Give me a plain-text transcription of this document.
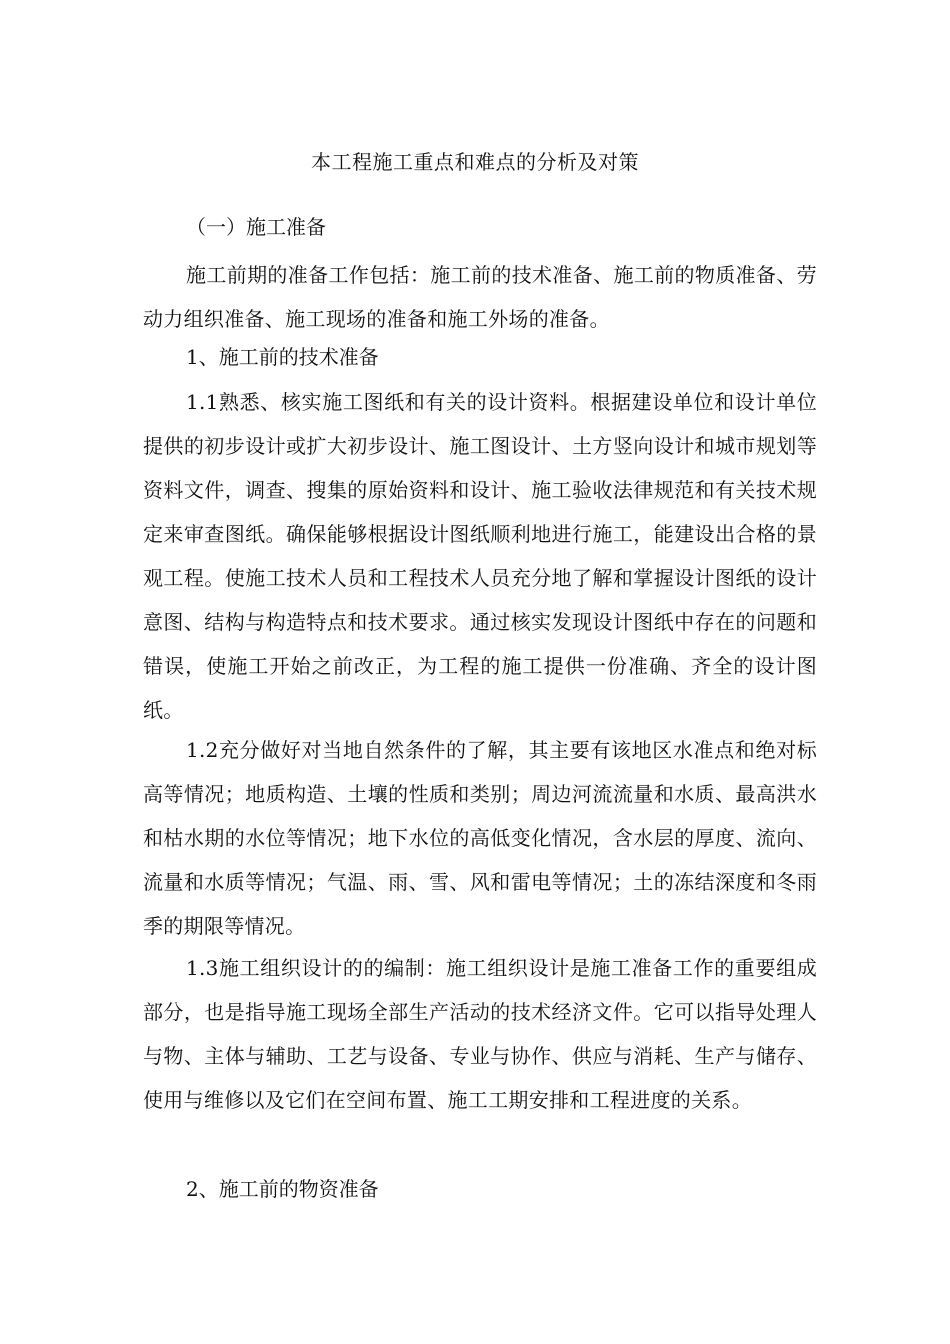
本工程施工重点和难点的分析及对策
（一）施工准备
施工前期的准备工作包括：施工前的技术准备、施工前的物质准备、劳动力组织准备、施工现场的准备和施工外场的准备。
1、施工前的技术准备
1.1熟悉、核实施工图纸和有关的设计资料。根据建设单位和设计单位提供的初步设计或扩大初步设计、施工图设计、土方竖向设计和城市规划等资料文件，调查、搜集的原始资料和设计、施工验收法律规范和有关技术规定来审查图纸。确保能够根据设计图纸顺利地进行施工，能建设出合格的景观工程。使施工技术人员和工程技术人员充分地了解和掌握设计图纸的设计意图、结构与构造特点和技术要求。通过核实发现设计图纸中存在的问题和错误，使施工开始之前改正，为工程的施工提供一份准确、齐全的设计图纸。
1.2充分做好对当地自然条件的了解，其主要有该地区水准点和绝对标高等情况；地质构造、土壤的性质和类别；周边河流流量和水质、最高洪水和枯水期的水位等情况；地下水位的高低变化情况，含水层的厚度、流向、流量和水质等情况；气温、雨、雪、风和雷电等情况；土的冻结深度和冬雨季的期限等情况。
1.3施工组织设计的的编制：施工组织设计是施工准备工作的重要组成部分，也是指导施工现场全部生产活动的技术经济文件。它可以指导处理人与物、主体与辅助、工艺与设备、专业与协作、供应与消耗、生产与储存、使用与维修以及它们在空间布置、施工工期安排和工程进度的关系。
2、施工前的物资准备
